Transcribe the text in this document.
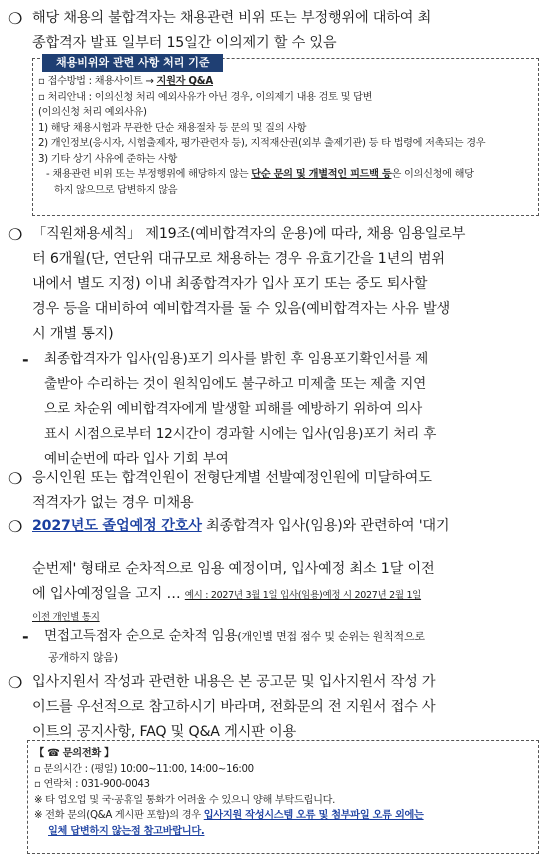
❍ 해당 채용의 불합격자는 채용관련 비위 또는 부정행위에 대하여 최
종합격자 발표 일부터 15일간 이의제기 할 수 있음
채용비위와 관련 사항 처리 기준
▫ 접수방법 : 채용사이트 → 지원자 Q&A
▫ 처리안내 : 이의신청 처리 예외사유가 아닌 경우, 이의제기 내용 검토 및 답변
(이의신청 처리 예외사유)
1) 해당 채용시험과 무관한 단순 채용절차 등 문의 및 질의 사항
2) 개인정보(응시자, 시험출제자, 평가관련자 등), 지적재산권(외부 출제기관) 등 타 법령에 저촉되는 경우
3) 기타 상기 사유에 준하는 사항
- 채용관련 비위 또는 부정행위에 해당하지 않는 단순 문의 및 개별적인 피드백 등은 이의신청에 해당
하지 않으므로 답변하지 않음
❍ 「직원채용세칙」 제19조(예비합격자의 운용)에 따라, 채용 임용일로부
터 6개월(단, 연단위 대규모로 채용하는 경우 유효기간을 1년의 범위
내에서 별도 지정) 이내 최종합격자가 입사 포기 또는 중도 퇴사할
경우 등을 대비하여 예비합격자를 둘 수 있음(예비합격자는 사유 발생
시 개별 통지)
- 최종합격자가 입사(임용)포기 의사를 밝힌 후 임용포기확인서를 제
출받아 수리하는 것이 원칙임에도 불구하고 미제출 또는 제출 지연
으로 차순위 예비합격자에게 발생할 피해를 예방하기 위하여 의사
표시 시점으로부터 12시간이 경과할 시에는 입사(임용)포기 처리 후
예비순번에 따라 입사 기회 부여
❍ 응시인원 또는 합격인원이 전형단계별 선발예정인원에 미달하여도
적격자가 없는 경우 미채용
❍ 2027년도 졸업예정 간호사 최종합격자 입사(임용)와 관련하여 '대기
순번제' 형태로 순차적으로 임용 예정이며, 입사예정 최소 1달 이전
에 입사예정일을 고지 … 예시 : 2027년 3월 1일 입사(임용)예정 시 2027년 2월 1일
이전 개인별 통지
- 면접고득점자 순으로 순차적 임용(개인별 면접 점수 및 순위는 원칙적으로
공개하지 않음)
❍ 입사지원서 작성과 관련한 내용은 본 공고문 및 입사지원서 작성 가
이드를 우선적으로 참고하시기 바라며, 전화문의 전 지원서 접수 사
이트의 공지사항, FAQ 및 Q&A 게시판 이용
【 ☎ 문의전화 】
▫ 문의시간 : (평일) 10:00~11:00, 14:00~16:00
▫ 연락처 : 031-900-0043
※ 타 업오업 및 국·공휴일 통화가 어려울 수 있으니 양해 부탁드립니다.
※ 전화 문의(Q&A 게시판 포함)의 경우 입사지원 작성시스템 오류 및 첨부파일 오류 외에는
일체 답변하지 않는점 참고바랍니다.
